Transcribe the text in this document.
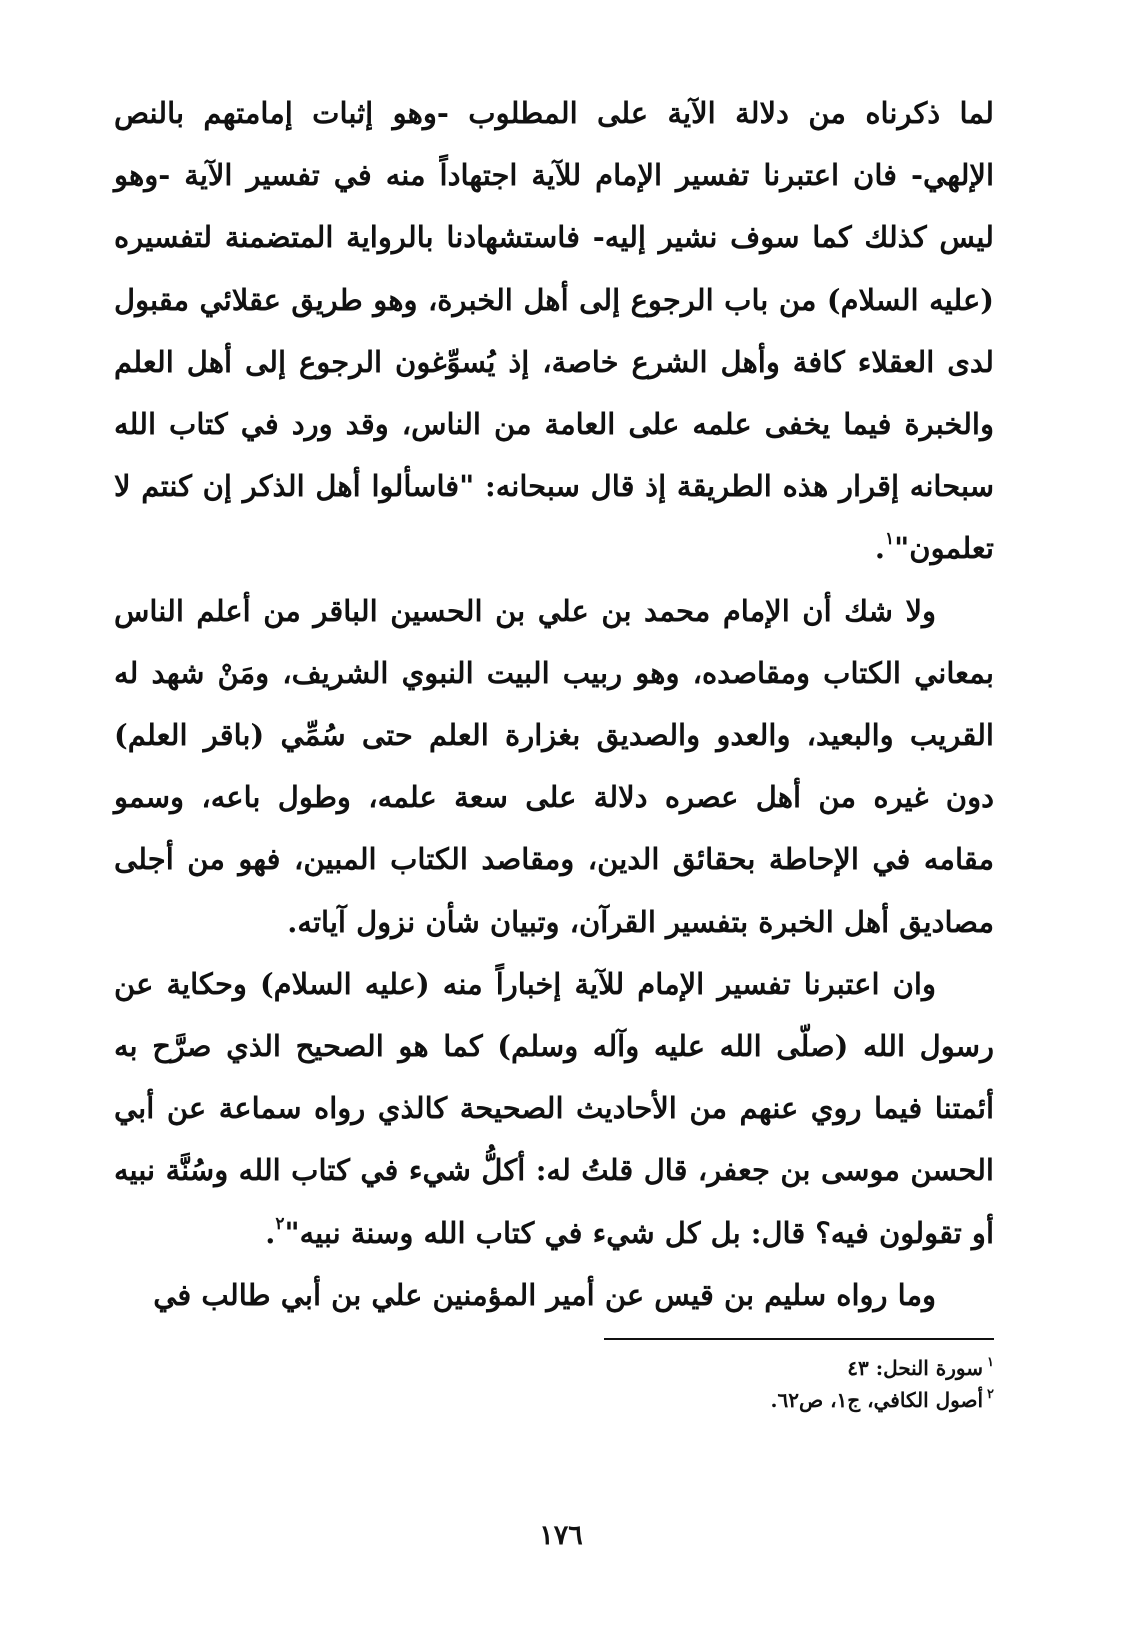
لما ذكرناه من دلالة الآية على المطلوب -وهو إثبات إمامتهم بالنص الإلهي- فان اعتبرنا تفسير الإمام للآية اجتهاداً منه في تفسير الآية -وهو ليس كذلك كما سوف نشير إليه- فاستشهادنا بالرواية المتضمنة لتفسيره (عليه السلام) من باب الرجوع إلى أهل الخبرة، وهو طريق عقلائي مقبول لدى العقلاء كافة وأهل الشرع خاصة، إذ يُسوِّغون الرجوع إلى أهل العلم والخبرة فيما يخفى علمه على العامة من الناس، وقد ورد في كتاب الله سبحانه إقرار هذه الطريقة إذ قال سبحانه: "فاسألوا أهل الذكر إن كنتم لا تعلمون"$^١$.

ولا شك أن الإمام محمد بن علي بن الحسين الباقر من أعلم الناس بمعاني الكتاب ومقاصده، وهو ربيب البيت النبوي الشريف، ومَنْ شهد له القريب والبعيد، والعدو والصديق بغزارة العلم حتى سُمِّي (باقر العلم) دون غيره من أهل عصره دلالة على سعة علمه، وطول باعه، وسمو مقامه في الإحاطة بحقائق الدين، ومقاصد الكتاب المبين، فهو من أجلى مصاديق أهل الخبرة بتفسير القرآن، وتبيان شأن نزول آياته.

وان اعتبرنا تفسير الإمام للآية إخباراً منه (عليه السلام) وحكاية عن رسول الله (صلّى الله عليه وآله وسلم) كما هو الصحيح الذي صرَّح به أئمتنا فيما روي عنهم من الأحاديث الصحيحة كالذي رواه سماعة عن أبي الحسن موسى بن جعفر، قال قلتُ له: أكلُّ شيء في كتاب الله وسُنَّة نبيه أو تقولون فيه؟ قال: بل كل شيء في كتاب الله وسنة نبيه"$^٢$.

وما رواه سليم بن قيس عن أمير المؤمنين علي بن أبي طالب في

$^١$سورة النحل: ٤٣

$^٢$أصول الكافي، ج١، ص٦٢.

١٧٦
